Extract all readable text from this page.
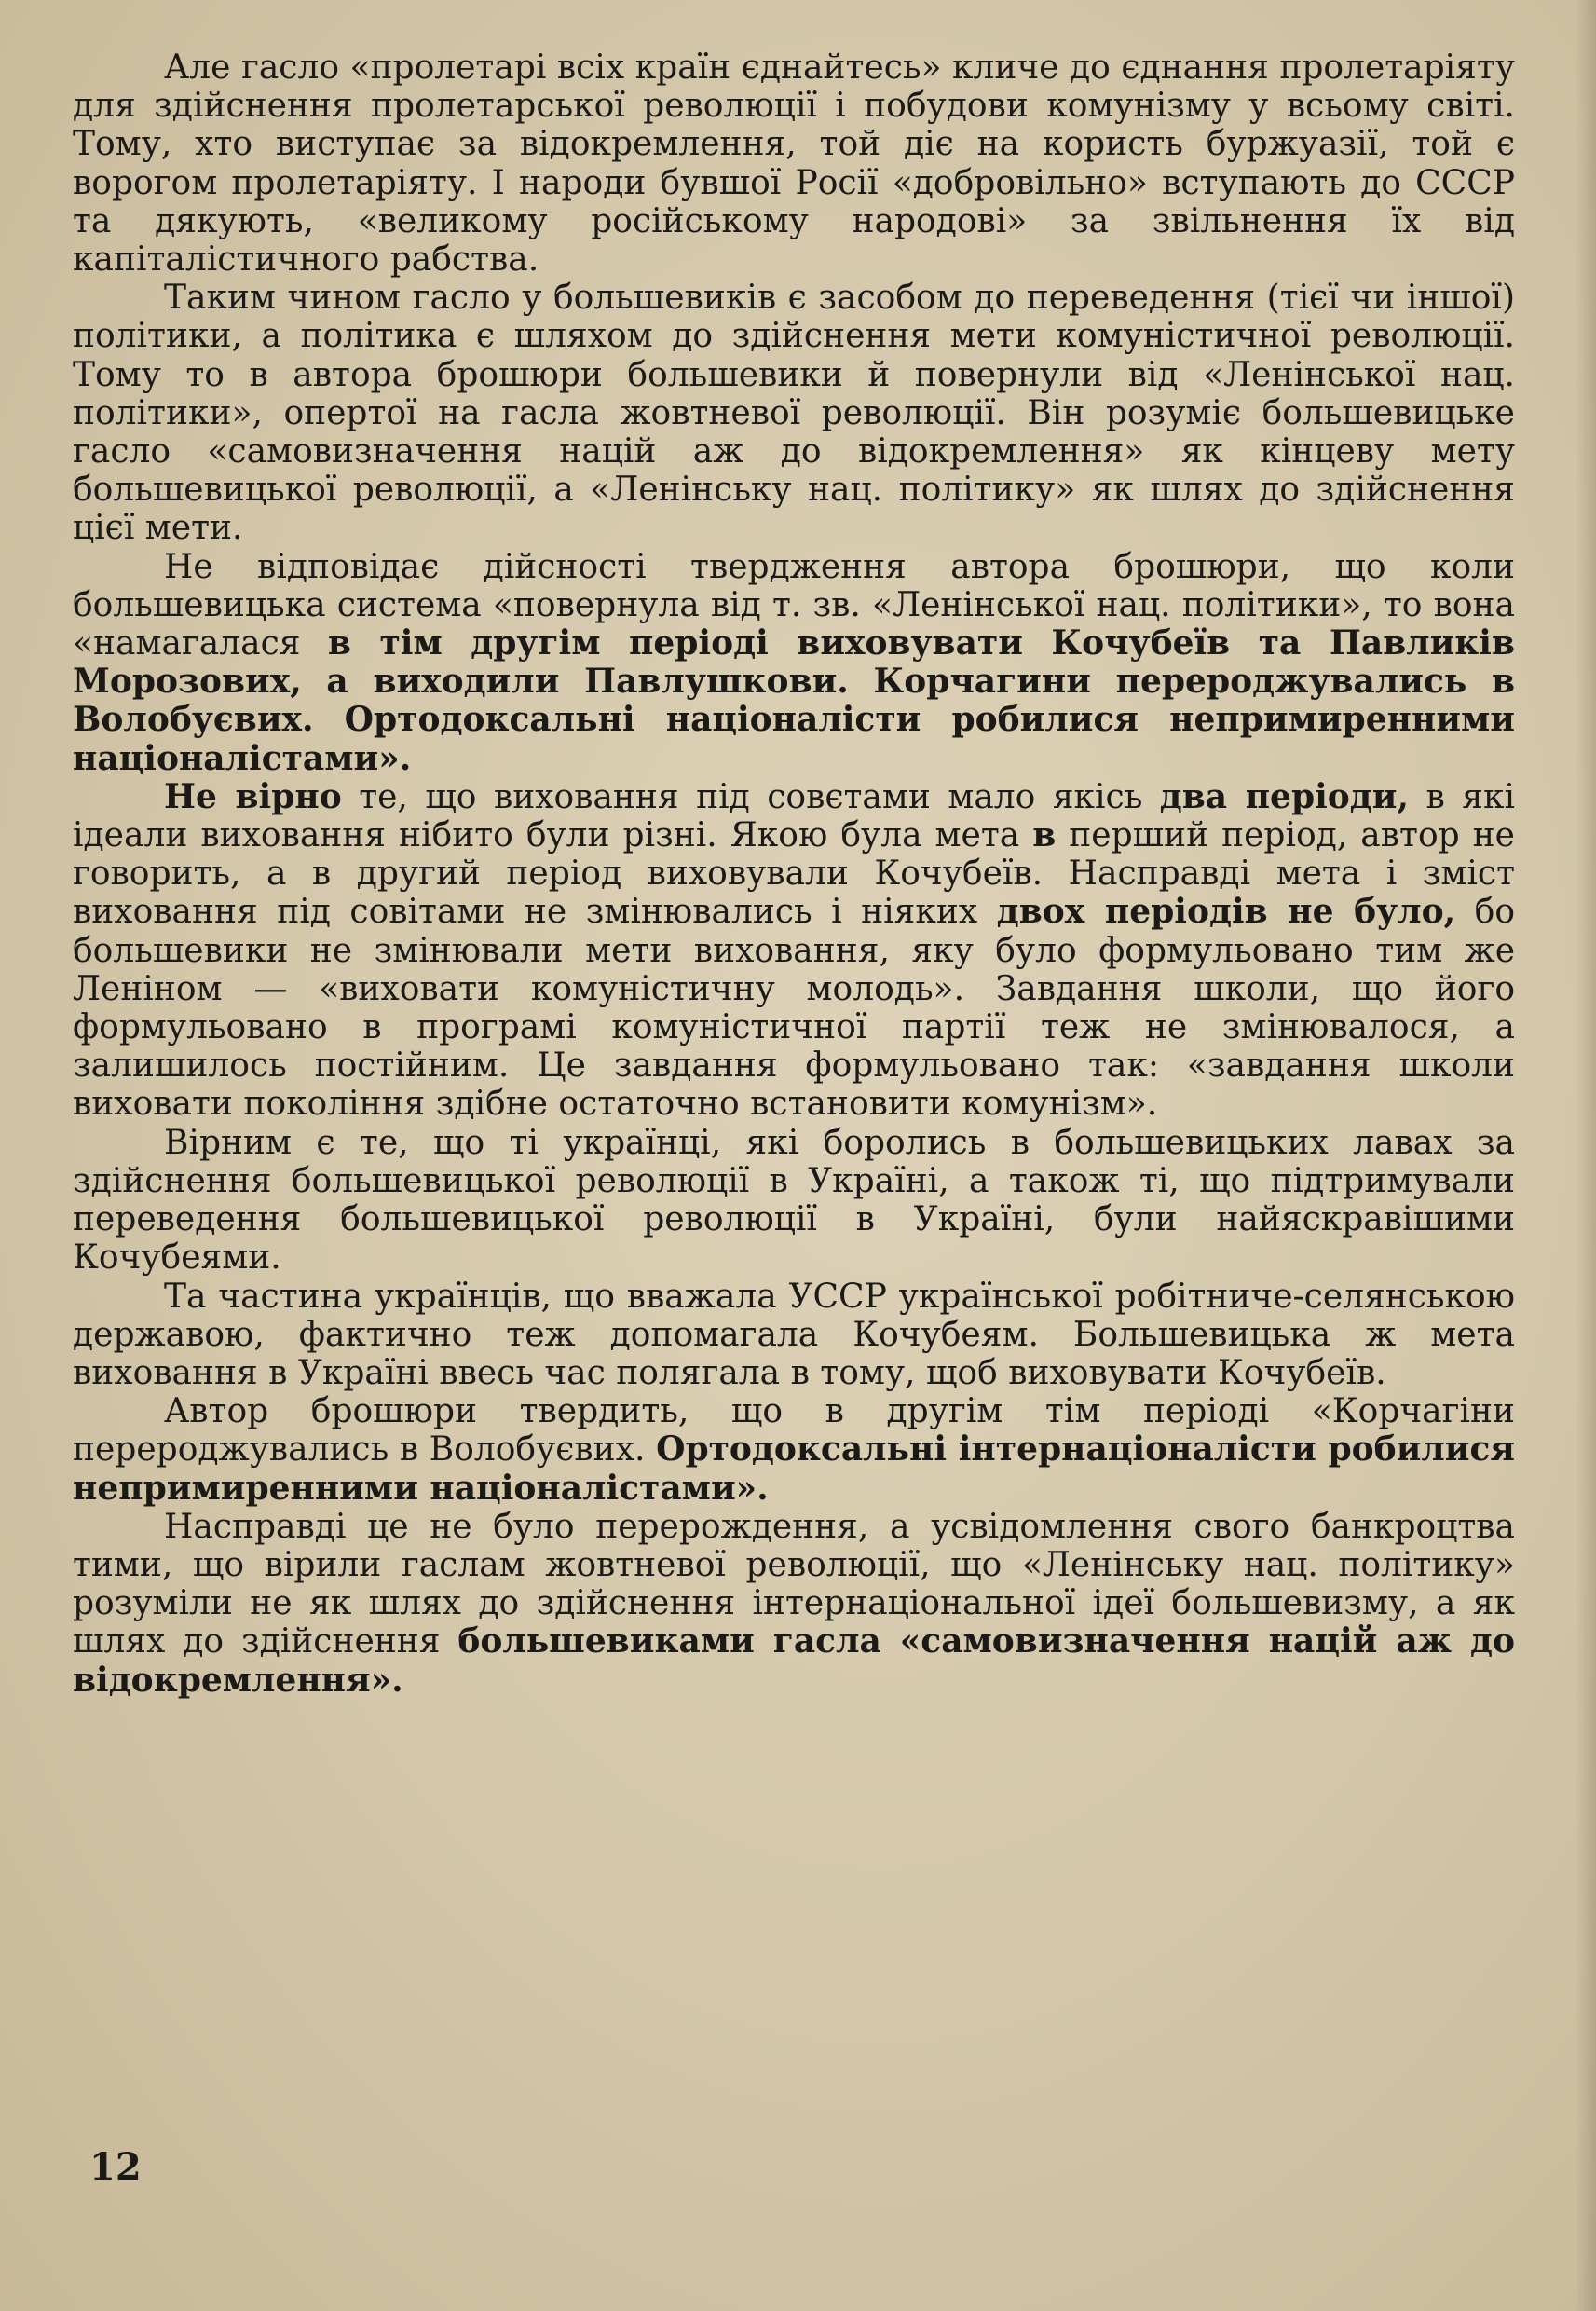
Але гасло «пролетарі всіх країн єднайтесь» кличе до єднання пролетаріяту для здійснення пролетарської революції і побудови комунізму у всьому світі. Тому, хто виступає за відокремлення, той діє на користь буржуазії, той є ворогом пролетаріяту. І народи бувшої Росії «добровільно» вступають до СССР та дякують, «великому російському народові» за звільнення їх від капіталістичного рабства.

Таким чином гасло у большевиків є засобом до переведення (тієї чи іншої) політики, а політика є шляхом до здійснення мети комуністичної революції. Тому то в автора брошюри большевики й повернули від «Ленінської нац. політики», опертої на гасла жовтневої революції. Він розуміє большевицьке гасло «самовизначення націй аж до відокремлення» як кінцеву мету большевицької революції, а «Ленінську нац. політику» як шлях до здійснення цієї мети.

Не відповідає дійсності твердження автора брошюри, що коли большевицька система «повернула від т. зв. «Ленінської нац. політики», то вона «намагалася в тім другім періоді виховувати Кочубеїв та Павликів Морозових, а виходили Павлушкови. Корчагини перероджувались в Волобуєвих. Ортодоксальні націоналісти робилися непримиренними націоналістами».

Не вірно те, що виховання під совєтами мало якісь два періоди, в які ідеали виховання нібито були різні. Якою була мета в перший період, автор не говорить, а в другий період виховували Кочубеїв. Насправді мета і зміст виховання під совітами не змінювались і ніяких двох періодів не було, бо большевики не змінювали мети виховання, яку було формульовано тим же Леніном — «виховати комуністичну молодь». Завдання школи, що його формульовано в програмі комуністичної партії теж не змінювалося, а залишилось постійним. Це завдання формульовано так: «завдання школи виховати покоління здібне остаточно встановити комунізм».

Вірним є те, що ті українці, які боролись в большевицьких лавах за здійснення большевицької революції в Україні, а також ті, що підтримували переведення большевицької революції в Україні, були найяскравішими Кочубеями.

Та частина українців, що вважала УССР української робітниче-селянською державою, фактично теж допомагала Кочубеям. Большевицька ж мета виховання в Україні ввесь час полягала в тому, щоб виховувати Кочубеїв.

Автор брошюри твердить, що в другім тім періоді «Корчагіни перероджувались в Волобуєвих. Ортодоксальні інтернаціоналісти робилися непримиренними націоналістами».

Насправді це не було перерождення, а усвідомлення свого банкроцтва тими, що вірили гаслам жовтневої революції, що «Ленінську нац. політику» розуміли не як шлях до здійснення інтернаціональної ідеї большевизму, а як шлях до здійснення большевиками гасла «самовизначення націй аж до відокремлення».

12
